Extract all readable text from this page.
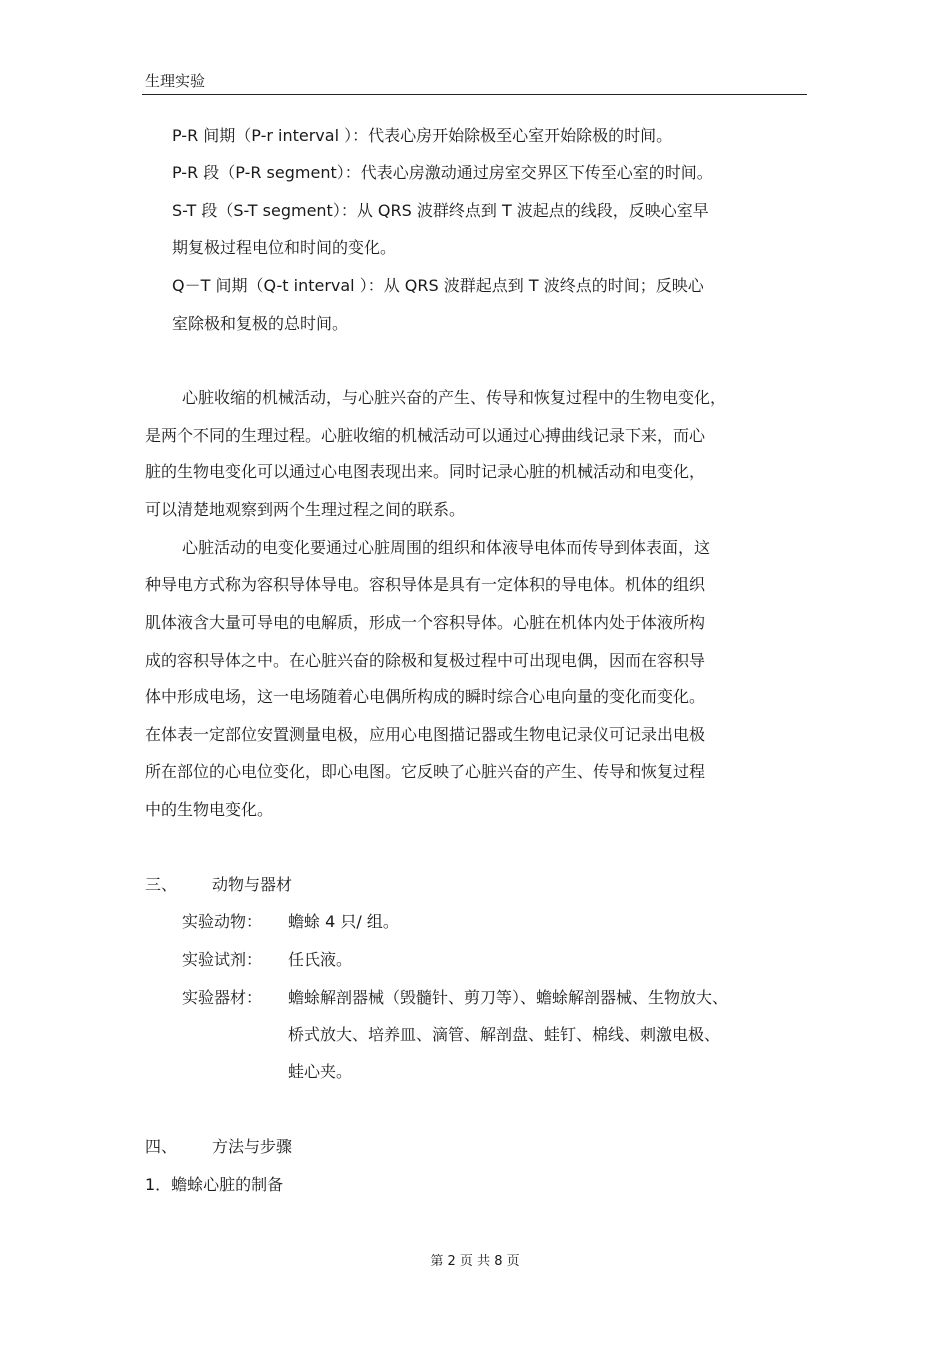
生理实验
P-R 间期（P-r interval ）：代表心房开始除极至心室开始除极的时间。
P-R 段（P-R segment）：代表心房激动通过房室交界区下传至心室的时间。
S-T 段（S-T segment）：从 QRS 波群终点到 T 波起点的线段，反映心室早
期复极过程电位和时间的变化。
Q－T 间期（Q-t interval ）：从 QRS 波群起点到 T 波终点的时间；反映心
室除极和复极的总时间。
心脏收缩的机械活动，与心脏兴奋的产生、传导和恢复过程中的生物电变化，
是两个不同的生理过程。心脏收缩的机械活动可以通过心搏曲线记录下来，而心
脏的生物电变化可以通过心电图表现出来。同时记录心脏的机械活动和电变化，
可以清楚地观察到两个生理过程之间的联系。
心脏活动的电变化要通过心脏周围的组织和体液导电体而传导到体表面，这
种导电方式称为容积导体导电。容积导体是具有一定体积的导电体。机体的组织
肌体液含大量可导电的电解质，形成一个容积导体。心脏在机体内处于体液所构
成的容积导体之中。在心脏兴奋的除极和复极过程中可出现电偶，因而在容积导
体中形成电场，这一电场随着心电偶所构成的瞬时综合心电向量的变化而变化。
在体表一定部位安置测量电极，应用心电图描记器或生物电记录仪可记录出电极
所在部位的心电位变化，即心电图。它反映了心脏兴奋的产生、传导和恢复过程
中的生物电变化。
三、 动物与器材
实验动物： 蟾蜍 4 只/ 组。
实验试剂： 任氏液。
实验器材： 蟾蜍解剖器械（毁髓针、剪刀等）、蟾蜍解剖器械、生物放大、
桥式放大、培养皿、滴管、解剖盘、蛙钉、棉线、刺激电极、
蛙心夹。
四、 方法与步骤
1．蟾蜍心脏的制备
第 2 页 共 8 页
